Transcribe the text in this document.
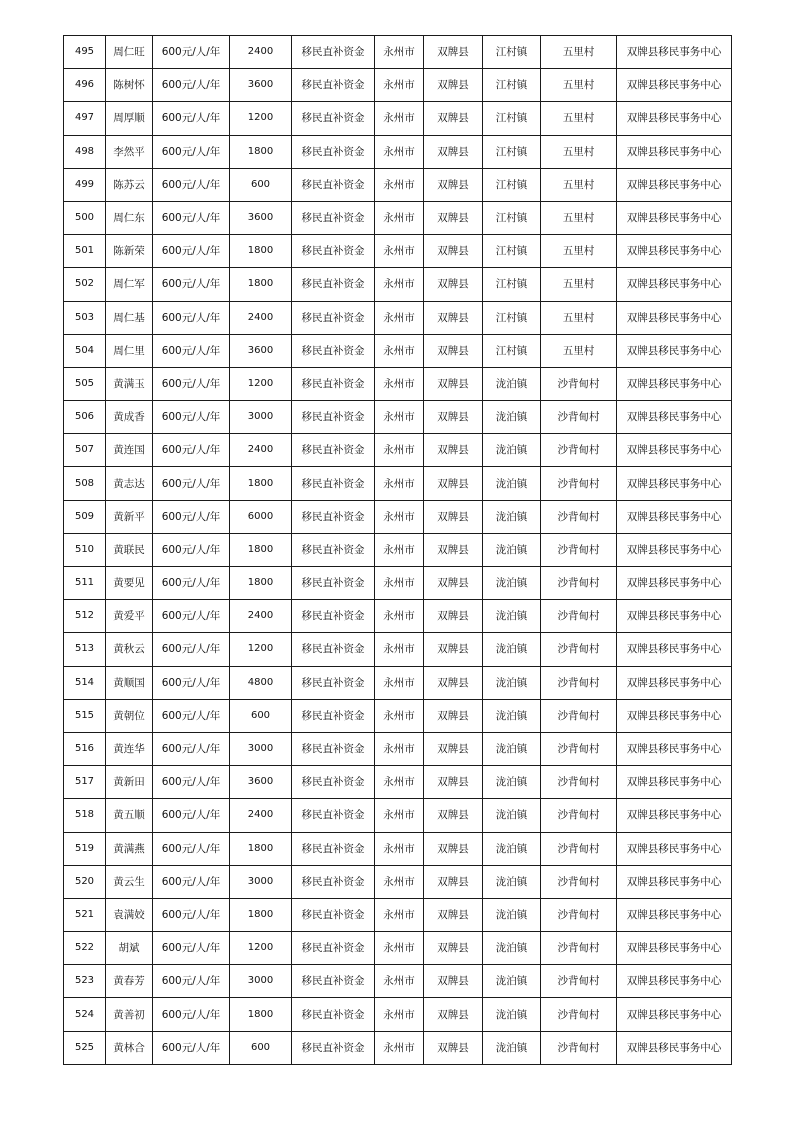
495	周仁旺	600元/人/年	2400	移民直补资金	永州市	双牌县	江村镇	五里村	双牌县移民事务中心
496	陈树怀	600元/人/年	3600	移民直补资金	永州市	双牌县	江村镇	五里村	双牌县移民事务中心
497	周厚顺	600元/人/年	1200	移民直补资金	永州市	双牌县	江村镇	五里村	双牌县移民事务中心
498	李然平	600元/人/年	1800	移民直补资金	永州市	双牌县	江村镇	五里村	双牌县移民事务中心
499	陈苏云	600元/人/年	600	移民直补资金	永州市	双牌县	江村镇	五里村	双牌县移民事务中心
500	周仁东	600元/人/年	3600	移民直补资金	永州市	双牌县	江村镇	五里村	双牌县移民事务中心
501	陈新荣	600元/人/年	1800	移民直补资金	永州市	双牌县	江村镇	五里村	双牌县移民事务中心
502	周仁军	600元/人/年	1800	移民直补资金	永州市	双牌县	江村镇	五里村	双牌县移民事务中心
503	周仁基	600元/人/年	2400	移民直补资金	永州市	双牌县	江村镇	五里村	双牌县移民事务中心
504	周仁里	600元/人/年	3600	移民直补资金	永州市	双牌县	江村镇	五里村	双牌县移民事务中心
505	黄满玉	600元/人/年	1200	移民直补资金	永州市	双牌县	泷泊镇	沙背甸村	双牌县移民事务中心
506	黄成香	600元/人/年	3000	移民直补资金	永州市	双牌县	泷泊镇	沙背甸村	双牌县移民事务中心
507	黄连国	600元/人/年	2400	移民直补资金	永州市	双牌县	泷泊镇	沙背甸村	双牌县移民事务中心
508	黄志达	600元/人/年	1800	移民直补资金	永州市	双牌县	泷泊镇	沙背甸村	双牌县移民事务中心
509	黄新平	600元/人/年	6000	移民直补资金	永州市	双牌县	泷泊镇	沙背甸村	双牌县移民事务中心
510	黄联民	600元/人/年	1800	移民直补资金	永州市	双牌县	泷泊镇	沙背甸村	双牌县移民事务中心
511	黄要见	600元/人/年	1800	移民直补资金	永州市	双牌县	泷泊镇	沙背甸村	双牌县移民事务中心
512	黄爱平	600元/人/年	2400	移民直补资金	永州市	双牌县	泷泊镇	沙背甸村	双牌县移民事务中心
513	黄秋云	600元/人/年	1200	移民直补资金	永州市	双牌县	泷泊镇	沙背甸村	双牌县移民事务中心
514	黄顺国	600元/人/年	4800	移民直补资金	永州市	双牌县	泷泊镇	沙背甸村	双牌县移民事务中心
515	黄朝位	600元/人/年	600	移民直补资金	永州市	双牌县	泷泊镇	沙背甸村	双牌县移民事务中心
516	黄连华	600元/人/年	3000	移民直补资金	永州市	双牌县	泷泊镇	沙背甸村	双牌县移民事务中心
517	黄新田	600元/人/年	3600	移民直补资金	永州市	双牌县	泷泊镇	沙背甸村	双牌县移民事务中心
518	黄五顺	600元/人/年	2400	移民直补资金	永州市	双牌县	泷泊镇	沙背甸村	双牌县移民事务中心
519	黄满燕	600元/人/年	1800	移民直补资金	永州市	双牌县	泷泊镇	沙背甸村	双牌县移民事务中心
520	黄云生	600元/人/年	3000	移民直补资金	永州市	双牌县	泷泊镇	沙背甸村	双牌县移民事务中心
521	袁满姣	600元/人/年	1800	移民直补资金	永州市	双牌县	泷泊镇	沙背甸村	双牌县移民事务中心
522	胡斌	600元/人/年	1200	移民直补资金	永州市	双牌县	泷泊镇	沙背甸村	双牌县移民事务中心
523	黄春芳	600元/人/年	3000	移民直补资金	永州市	双牌县	泷泊镇	沙背甸村	双牌县移民事务中心
524	黄善初	600元/人/年	1800	移民直补资金	永州市	双牌县	泷泊镇	沙背甸村	双牌县移民事务中心
525	黄林合	600元/人/年	600	移民直补资金	永州市	双牌县	泷泊镇	沙背甸村	双牌县移民事务中心
